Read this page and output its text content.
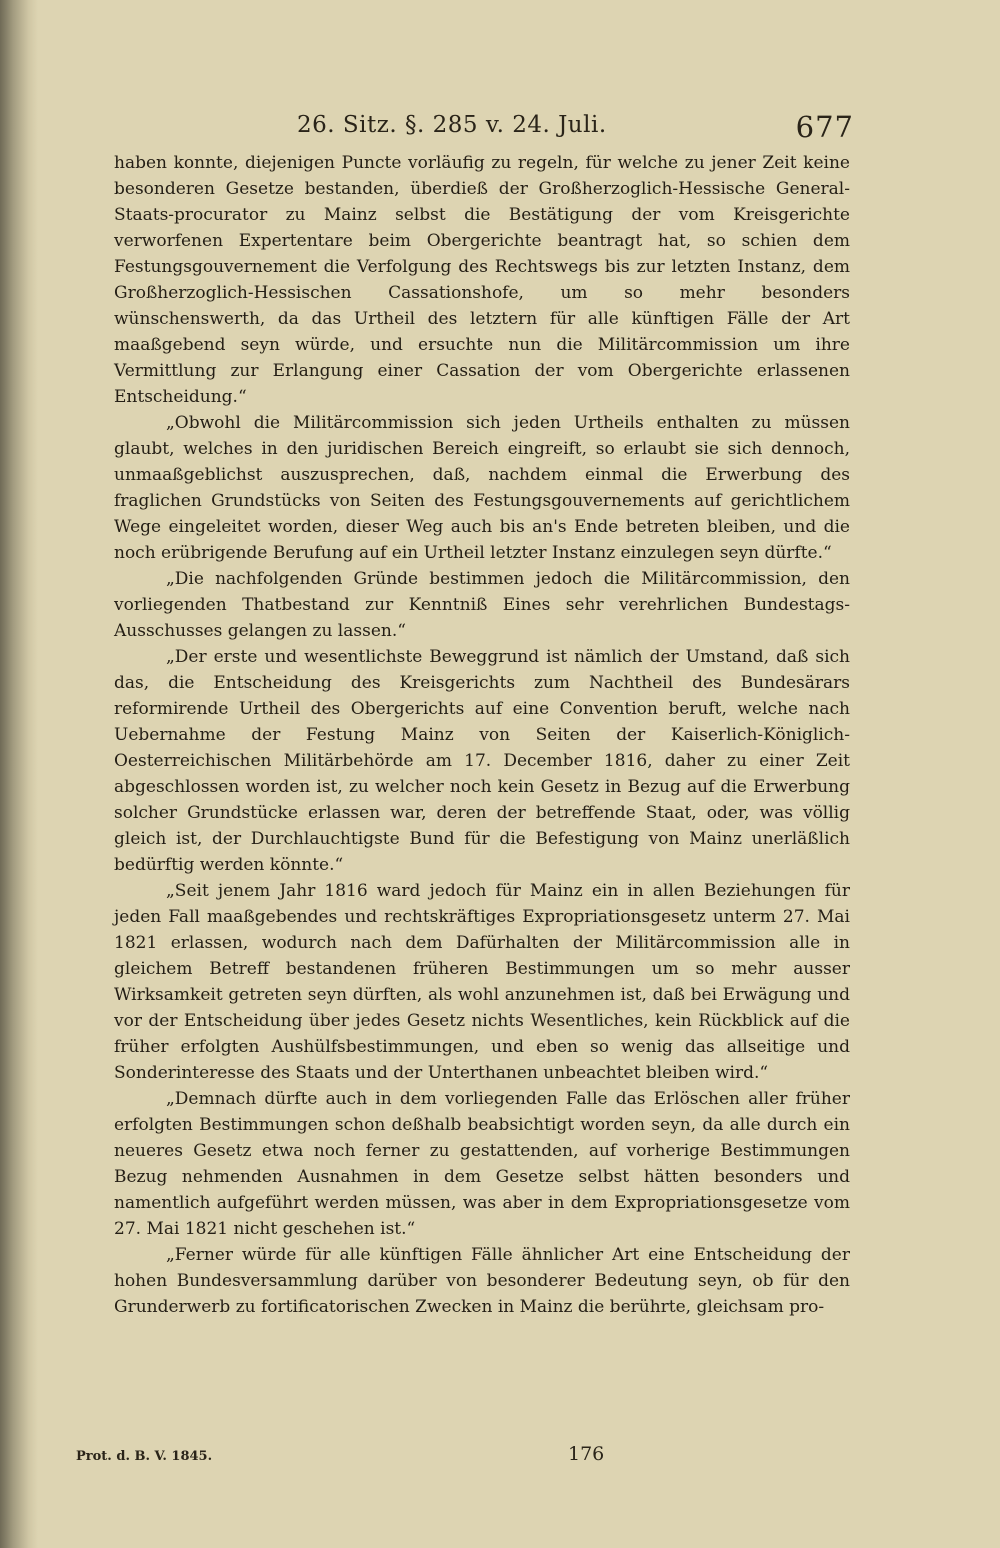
26. Sitz. §. 285 v. 24. Juli.	677

haben konnte, diejenigen Puncte vorläufig zu regeln, für welche zu jener Zeit keine besonderen Gesetze bestanden, überdieß der Großherzoglich-Hessische General-Staats-procurator zu Mainz selbst die Bestätigung der vom Kreisgerichte verworfenen Expertentare beim Obergerichte beantragt hat, so schien dem Festungsgouvernement die Verfolgung des Rechtswegs bis zur letzten Instanz, dem Großherzoglich-Hessischen Cassationshofe, um so mehr besonders wünschenswerth, da das Urtheil des letztern für alle künftigen Fälle der Art maaßgebend seyn würde, und ersuchte nun die Militärcommission um ihre Vermittlung zur Erlangung einer Cassation der vom Obergerichte erlassenen Entscheidung.“

„Obwohl die Militärcommission sich jeden Urtheils enthalten zu müssen glaubt, welches in den juridischen Bereich eingreift, so erlaubt sie sich dennoch, unmaaßgeblichst auszusprechen, daß, nachdem einmal die Erwerbung des fraglichen Grundstücks von Seiten des Festungsgouvernements auf gerichtlichem Wege eingeleitet worden, dieser Weg auch bis an's Ende betreten bleiben, und die noch erübrigende Berufung auf ein Urtheil letzter Instanz einzulegen seyn dürfte.“

„Die nachfolgenden Gründe bestimmen jedoch die Militärcommission, den vorliegenden Thatbestand zur Kenntniß Eines sehr verehrlichen Bundestags-Ausschusses gelangen zu lassen.“

„Der erste und wesentlichste Beweggrund ist nämlich der Umstand, daß sich das, die Entscheidung des Kreisgerichts zum Nachtheil des Bundesärars reformirende Urtheil des Obergerichts auf eine Convention beruft, welche nach Uebernahme der Festung Mainz von Seiten der Kaiserlich-Königlich-Oesterreichischen Militärbehörde am 17. December 1816, daher zu einer Zeit abgeschlossen worden ist, zu welcher noch kein Gesetz in Bezug auf die Erwerbung solcher Grundstücke erlassen war, deren der betreffende Staat, oder, was völlig gleich ist, der Durchlauchtigste Bund für die Befestigung von Mainz unerläßlich bedürftig werden könnte.“

„Seit jenem Jahr 1816 ward jedoch für Mainz ein in allen Beziehungen für jeden Fall maaßgebendes und rechtskräftiges Expropriationsgesetz unterm 27. Mai 1821 erlassen, wodurch nach dem Dafürhalten der Militärcommission alle in gleichem Betreff bestandenen früheren Bestimmungen um so mehr ausser Wirksamkeit getreten seyn dürften, als wohl anzunehmen ist, daß bei Erwägung und vor der Entscheidung über jedes Gesetz nichts Wesentliches, kein Rückblick auf die früher erfolgten Aushülfsbestimmungen, und eben so wenig das allseitige und Sonderinteresse des Staats und der Unterthanen unbeachtet bleiben wird.“

„Demnach dürfte auch in dem vorliegenden Falle das Erlöschen aller früher erfolgten Bestimmungen schon deßhalb beabsichtigt worden seyn, da alle durch ein neueres Gesetz etwa noch ferner zu gestattenden, auf vorherige Bestimmungen Bezug nehmenden Ausnahmen in dem Gesetze selbst hätten besonders und namentlich aufgeführt werden müssen, was aber in dem Expropriationsgesetze vom 27. Mai 1821 nicht geschehen ist.“

„Ferner würde für alle künftigen Fälle ähnlicher Art eine Entscheidung der hohen Bundesversammlung darüber von besonderer Bedeutung seyn, ob für den Grunderwerb zu fortificatorischen Zwecken in Mainz die berührte, gleichsam pro-

Prot. d. B. V. 1845.	176
